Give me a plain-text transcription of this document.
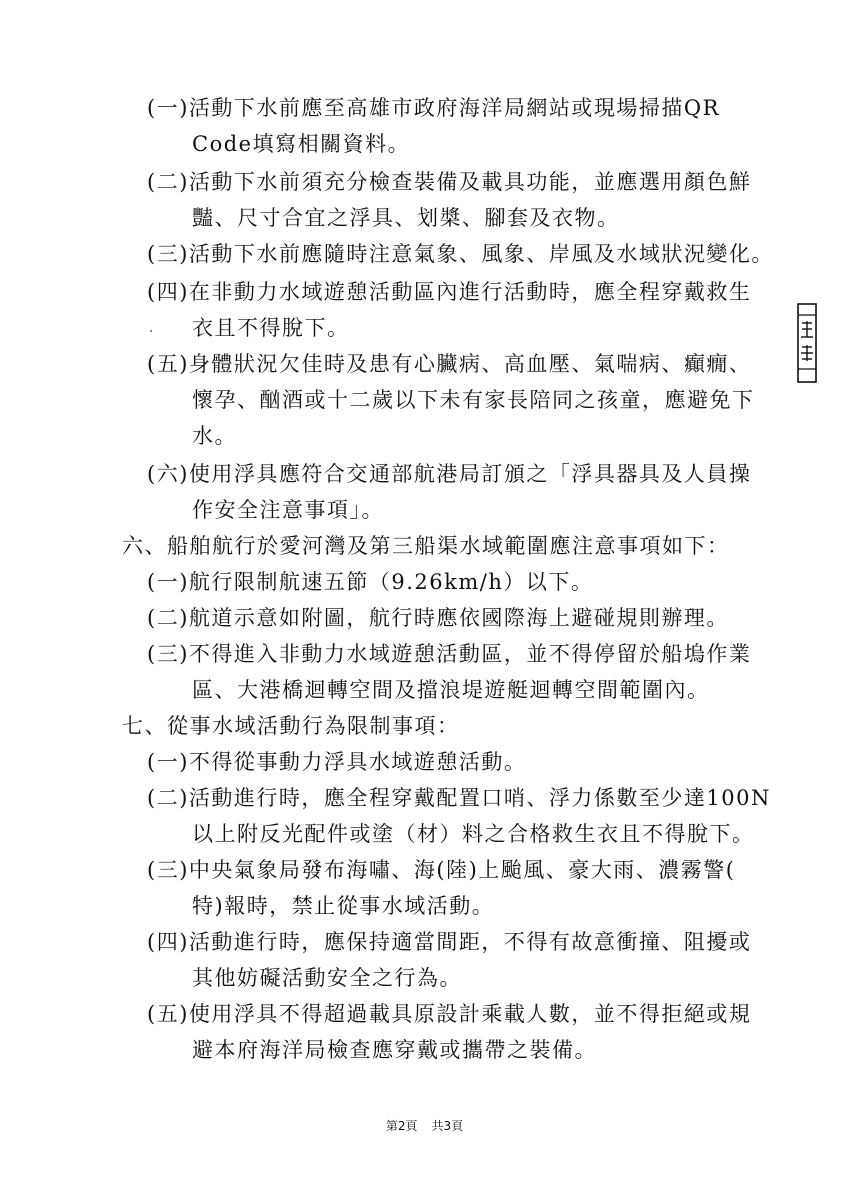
(一)活動下水前應至高雄市政府海洋局網站或現場掃描QR
Code填寫相關資料。
(二)活動下水前須充分檢查裝備及載具功能，並應選用顏色鮮
豔、尺寸合宜之浮具、划槳、腳套及衣物。
(三)活動下水前應隨時注意氣象、風象、岸風及水域狀況變化。
(四)在非動力水域遊憩活動區內進行活動時，應全程穿戴救生
衣且不得脫下。
(五)身體狀況欠佳時及患有心臟病、高血壓、氣喘病、癲癇、
懷孕、酗酒或十二歲以下未有家長陪同之孩童，應避免下
水。
(六)使用浮具應符合交通部航港局訂頒之「浮具器具及人員操
作安全注意事項」。
六、船舶航行於愛河灣及第三船渠水域範圍應注意事項如下：
(一)航行限制航速五節（9.26km/h）以下。
(二)航道示意如附圖，航行時應依國際海上避碰規則辦理。
(三)不得進入非動力水域遊憩活動區，並不得停留於船塢作業
區、大港橋迴轉空間及擋浪堤遊艇迴轉空間範圍內。
七、從事水域活動行為限制事項：
(一)不得從事動力浮具水域遊憩活動。
(二)活動進行時，應全程穿戴配置口哨、浮力係數至少達100N
以上附反光配件或塗（材）料之合格救生衣且不得脫下。
(三)中央氣象局發布海嘯、海(陸)上颱風、豪大雨、濃霧警(
特)報時，禁止從事水域活動。
(四)活動進行時，應保持適當間距，不得有故意衝撞、阻擾或
其他妨礙活動安全之行為。
(五)使用浮具不得超過載具原設計乘載人數，並不得拒絕或規
避本府海洋局檢查應穿戴或攜帶之裝備。
第2頁 共3頁
